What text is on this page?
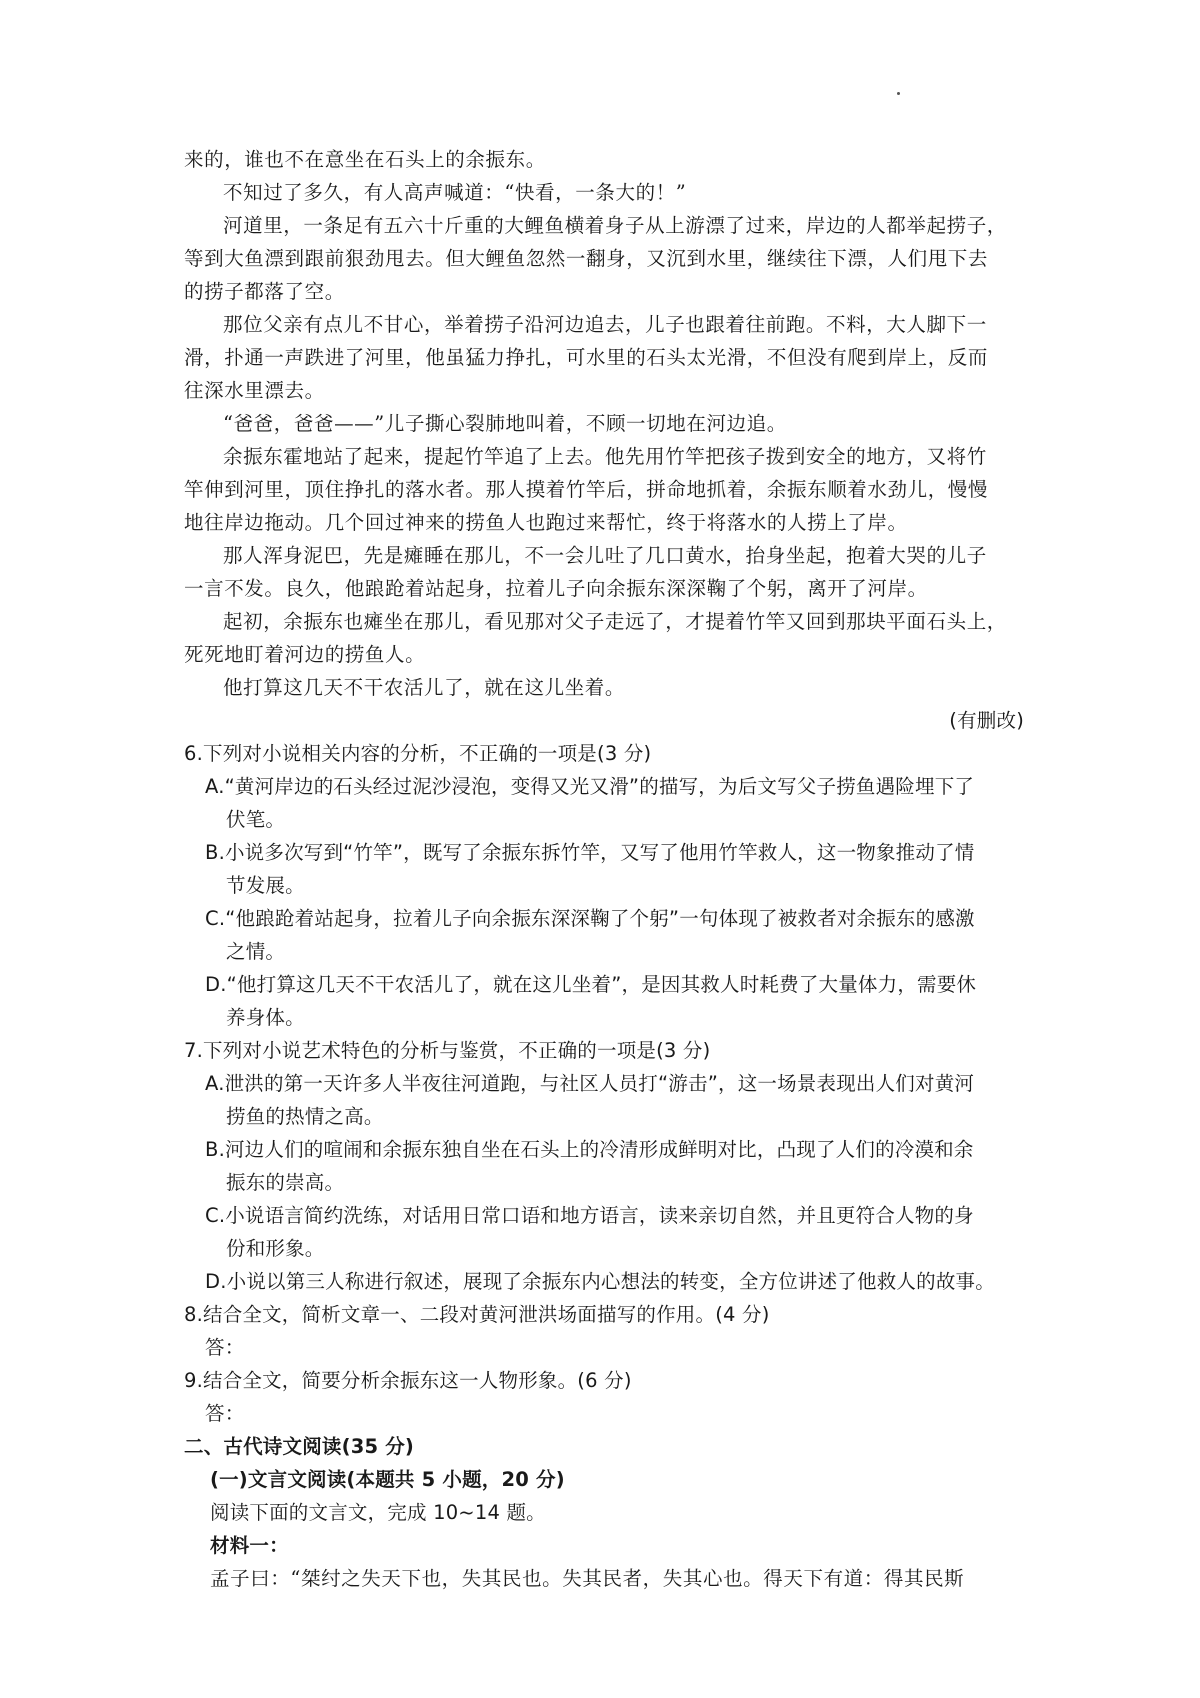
来的，谁也不在意坐在石头上的余振东。
不知过了多久，有人高声喊道：“快看，一条大的！”
河道里，一条足有五六十斤重的大鲤鱼横着身子从上游漂了过来，岸边的人都举起捞子，
等到大鱼漂到跟前狠劲甩去。但大鲤鱼忽然一翻身，又沉到水里，继续往下漂，人们甩下去
的捞子都落了空。
那位父亲有点儿不甘心，举着捞子沿河边追去，儿子也跟着往前跑。不料，大人脚下一
滑，扑通一声跌进了河里，他虽猛力挣扎，可水里的石头太光滑，不但没有爬到岸上，反而
往深水里漂去。
“爸爸，爸爸——”儿子撕心裂肺地叫着，不顾一切地在河边追。
余振东霍地站了起来，提起竹竿追了上去。他先用竹竿把孩子拨到安全的地方，又将竹
竿伸到河里，顶住挣扎的落水者。那人摸着竹竿后，拼命地抓着，余振东顺着水劲儿，慢慢
地往岸边拖动。几个回过神来的捞鱼人也跑过来帮忙，终于将落水的人捞上了岸。
那人浑身泥巴，先是瘫睡在那儿，不一会儿吐了几口黄水，抬身坐起，抱着大哭的儿子
一言不发。良久，他踉跄着站起身，拉着儿子向余振东深深鞠了个躬，离开了河岸。
起初，余振东也瘫坐在那儿，看见那对父子走远了，才提着竹竿又回到那块平面石头上，
死死地盯着河边的捞鱼人。
他打算这几天不干农活儿了，就在这儿坐着。
(有删改)
6.下列对小说相关内容的分析，不正确的一项是(3 分)
A.“黄河岸边的石头经过泥沙浸泡，变得又光又滑”的描写，为后文写父子捞鱼遇险埋下了
伏笔。
B.小说多次写到“竹竿”，既写了余振东拆竹竿，又写了他用竹竿救人，这一物象推动了情
节发展。
C.“他踉跄着站起身，拉着儿子向余振东深深鞠了个躬”一句体现了被救者对余振东的感激
之情。
D.“他打算这几天不干农活儿了，就在这儿坐着”，是因其救人时耗费了大量体力，需要休
养身体。
7.下列对小说艺术特色的分析与鉴赏，不正确的一项是(3 分)
A.泄洪的第一天许多人半夜往河道跑，与社区人员打“游击”，这一场景表现出人们对黄河
捞鱼的热情之高。
B.河边人们的喧闹和余振东独自坐在石头上的冷清形成鲜明对比，凸现了人们的冷漠和余
振东的崇高。
C.小说语言简约洗练，对话用日常口语和地方语言，读来亲切自然，并且更符合人物的身
份和形象。
D.小说以第三人称进行叙述，展现了余振东内心想法的转变，全方位讲述了他救人的故事。
8.结合全文，简析文章一、二段对黄河泄洪场面描写的作用。(4 分)
答：
9.结合全文，简要分析余振东这一人物形象。(6 分)
答：
二、古代诗文阅读(35 分)
(一)文言文阅读(本题共 5 小题，20 分)
阅读下面的文言文，完成 10~14 题。
材料一：
孟子曰：“桀纣之失天下也，失其民也。失其民者，失其心也。得天下有道：得其民斯
